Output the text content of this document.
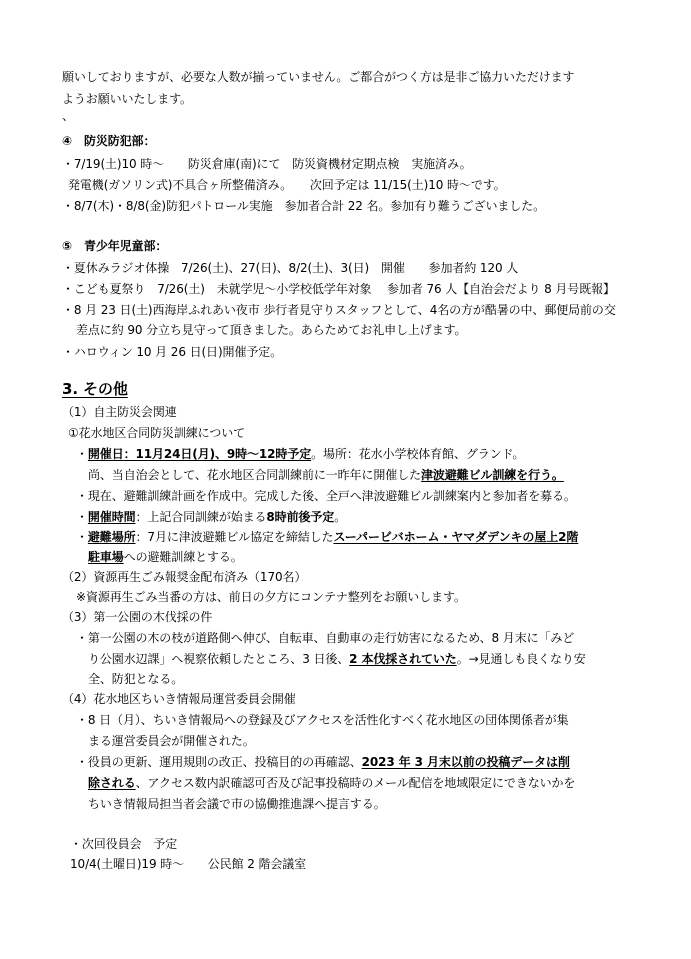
願いしておりますが、必要な人数が揃っていません。ご都合がつく方は是非ご協力いただけます
ようお願いいたします。
、
④　防災防犯部：
・7/19(土)10 時～　　防災倉庫(南)にて　防災資機材定期点検　実施済み。
発電機(ガソリン式)不具合ヶ所整備済み。　　次回予定は 11/15(土)10 時～です。
・8/7(木)・8/8(金)防犯パトロール実施　参加者合計 22 名。参加有り難うございました。
⑤　青少年児童部：
・夏休みラジオ体操　7/26(土)、27(日)、8/2(土)、3(日)　開催　　参加者約 120 人
・こども夏祭り　7/26(土)　未就学児～小学校低学年対象　 参加者 76 人【自治会だより 8 月号既報】
・8 月 23 日(土)西海岸ふれあい夜市 歩行者見守りスタッフとして、4名の方が酷暑の中、郵便局前の交
差点に約 90 分立ち見守って頂きました。あらためてお礼申し上げます。
・ハロウィン 10 月 26 日(日)開催予定。
3. その他
（1）自主防災会関連
①花水地区合同防災訓練について
・開催日：11月24日(月)、9時～12時予定。場所：花水小学校体育館、グランド。
尚、当自治会として、花水地区合同訓練前に一昨年に開催した津波避難ビル訓練を行う。
・現在、避難訓練計画を作成中。完成した後、全戸へ津波避難ビル訓練案内と参加者を募る。
・開催時間：上記合同訓練が始まる8時前後予定。
・避難場所：7月に津波避難ビル協定を締結したスーパービバホーム・ヤマダデンキの屋上2階
駐車場への避難訓練とする。
（2）資源再生ごみ報奨金配布済み（170名）
※資源再生ごみ当番の方は、前日の夕方にコンテナ整列をお願いします。
（3）第一公園の木伐採の件
・第一公園の木の枝が道路側へ伸び、自転車、自動車の走行妨害になるため、8 月末に「みど
り公園水辺課」へ視察依頼したところ、3 日後、2 本伐採されていた。→見通しも良くなり安
全、防犯となる。
（4）花水地区ちいき情報局運営委員会開催
・8 日（月）、ちいき情報局への登録及びアクセスを活性化すべく花水地区の団体関係者が集
まる運営委員会が開催された。
・役員の更新、運用規則の改正、投稿目的の再確認、2023 年 3 月末以前の投稿データは削
除される、アクセス数内訳確認可否及び記事投稿時のメール配信を地域限定にできないかを
ちいき情報局担当者会議で市の協働推進課へ提言する。
・次回役員会　予定
10/4(土曜日)19 時～　　公民館 2 階会議室
